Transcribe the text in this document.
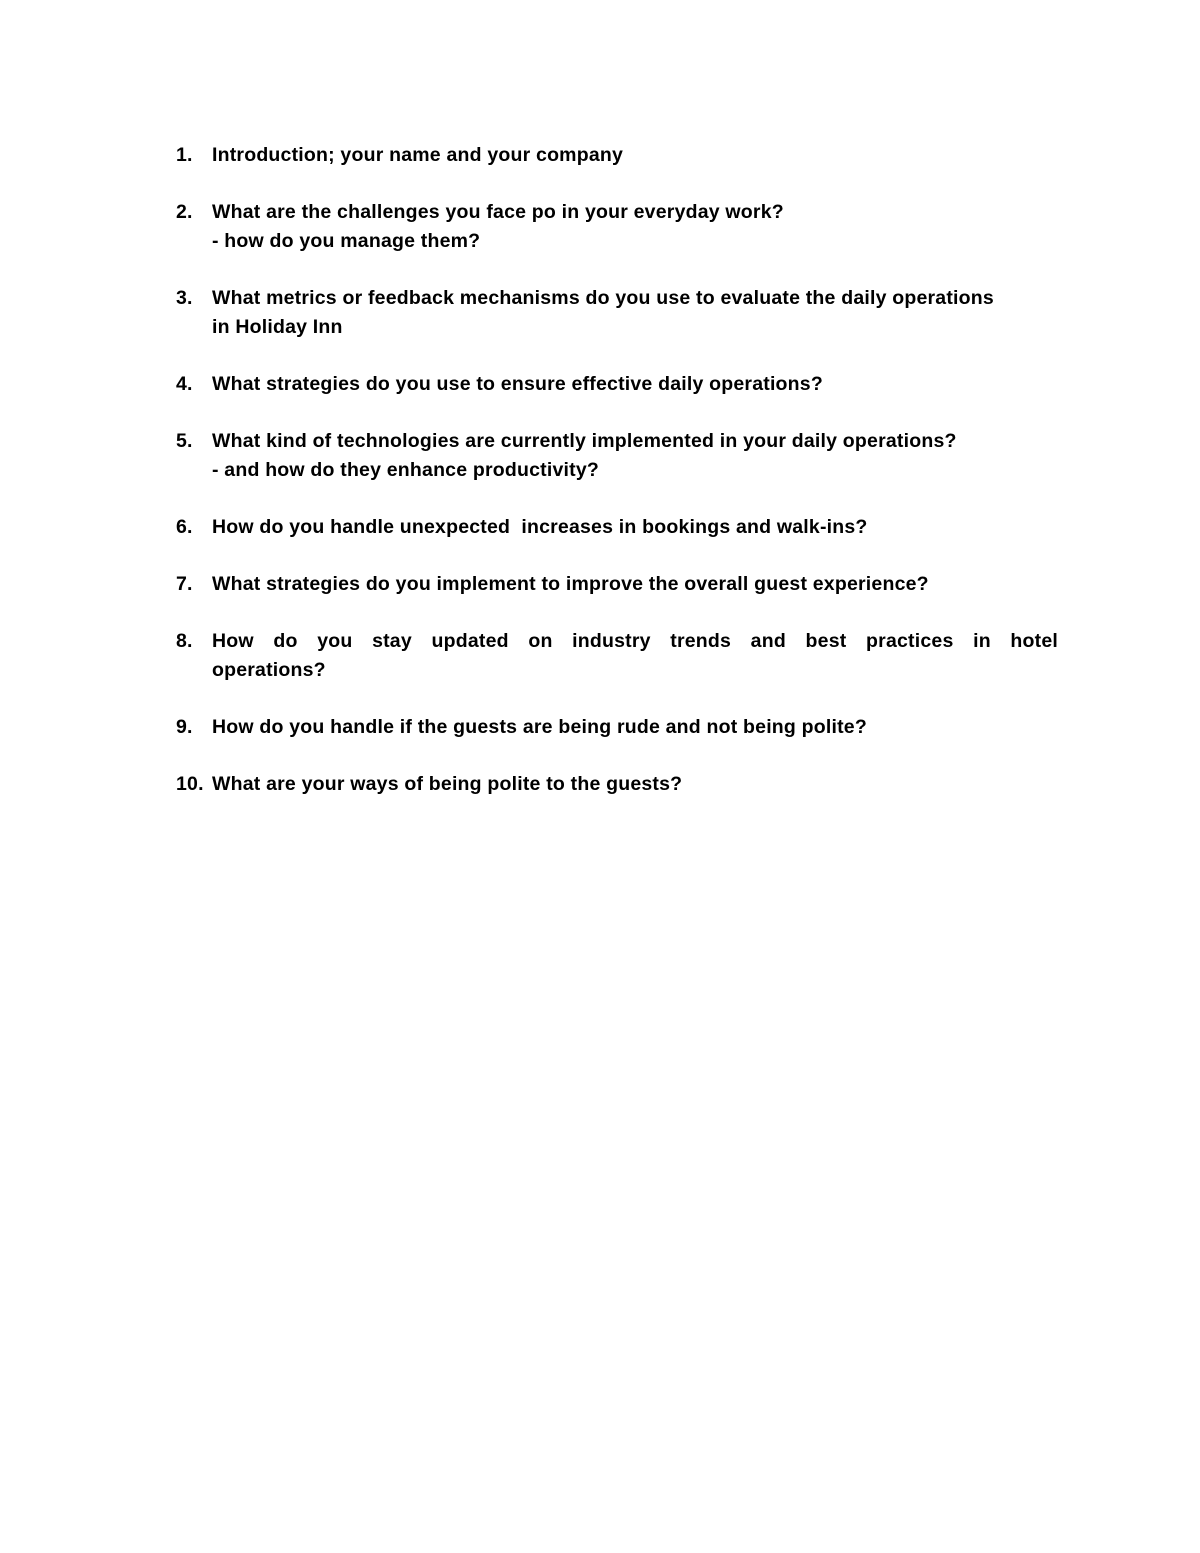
1. Introduction; your name and your company
2. What are the challenges you face po in your everyday work?
- how do you manage them?
3. What metrics or feedback mechanisms do you use to evaluate the daily operations
in Holiday Inn
4. What strategies do you use to ensure effective daily operations?
5. What kind of technologies are currently implemented in your daily operations?
- and how do they enhance productivity?
6. How do you handle unexpected  increases in bookings and walk-ins?
7. What strategies do you implement to improve the overall guest experience?
8. How do you stay updated on industry trends and best practices in hotel
operations?
9. How do you handle if the guests are being rude and not being polite?
10. What are your ways of being polite to the guests?
